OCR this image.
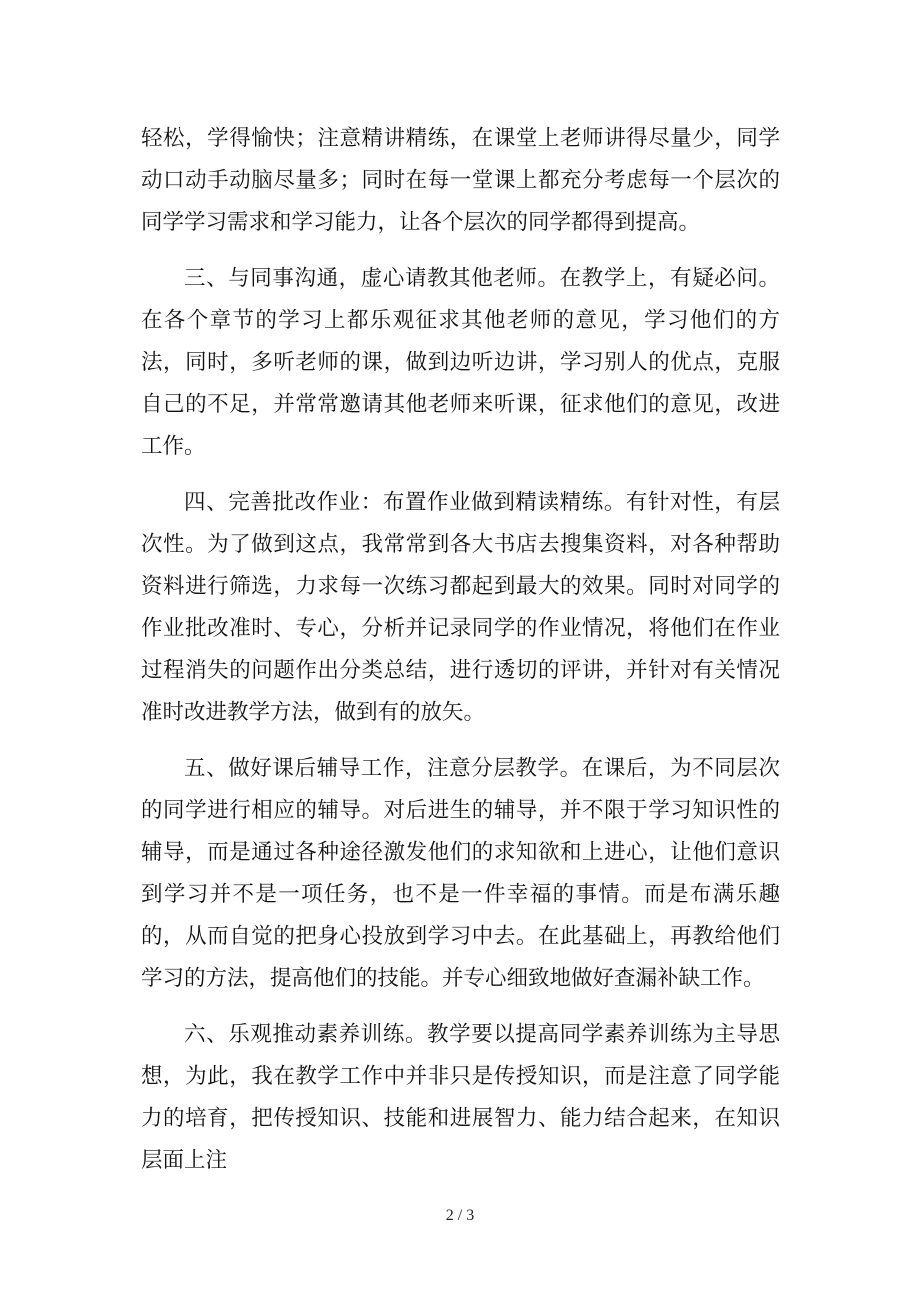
轻松，学得愉快；注意精讲精练，在课堂上老师讲得尽量少，同学动口动手动脑尽量多；同时在每一堂课上都充分考虑每一个层次的同学学习需求和学习能力，让各个层次的同学都得到提高。

三、与同事沟通，虚心请教其他老师。在教学上，有疑必问。在各个章节的学习上都乐观征求其他老师的意见，学习他们的方法，同时，多听老师的课，做到边听边讲，学习别人的优点，克服自己的不足，并常常邀请其他老师来听课，征求他们的意见，改进工作。

四、完善批改作业：布置作业做到精读精练。有针对性，有层次性。为了做到这点，我常常到各大书店去搜集资料，对各种帮助资料进行筛选，力求每一次练习都起到最大的效果。同时对同学的作业批改准时、专心，分析并记录同学的作业情况，将他们在作业过程消失的问题作出分类总结，进行透切的评讲，并针对有关情况准时改进教学方法，做到有的放矢。

五、做好课后辅导工作，注意分层教学。在课后，为不同层次的同学进行相应的辅导。对后进生的辅导，并不限于学习知识性的辅导，而是通过各种途径激发他们的求知欲和上进心，让他们意识到学习并不是一项任务，也不是一件幸福的事情。而是布满乐趣的，从而自觉的把身心投放到学习中去。在此基础上，再教给他们学习的方法，提高他们的技能。并专心细致地做好查漏补缺工作。

六、乐观推动素养训练。教学要以提高同学素养训练为主导思想，为此，我在教学工作中并非只是传授知识，而是注意了同学能力的培育，把传授知识、技能和进展智力、能力结合起来，在知识层面上注

2 / 3
